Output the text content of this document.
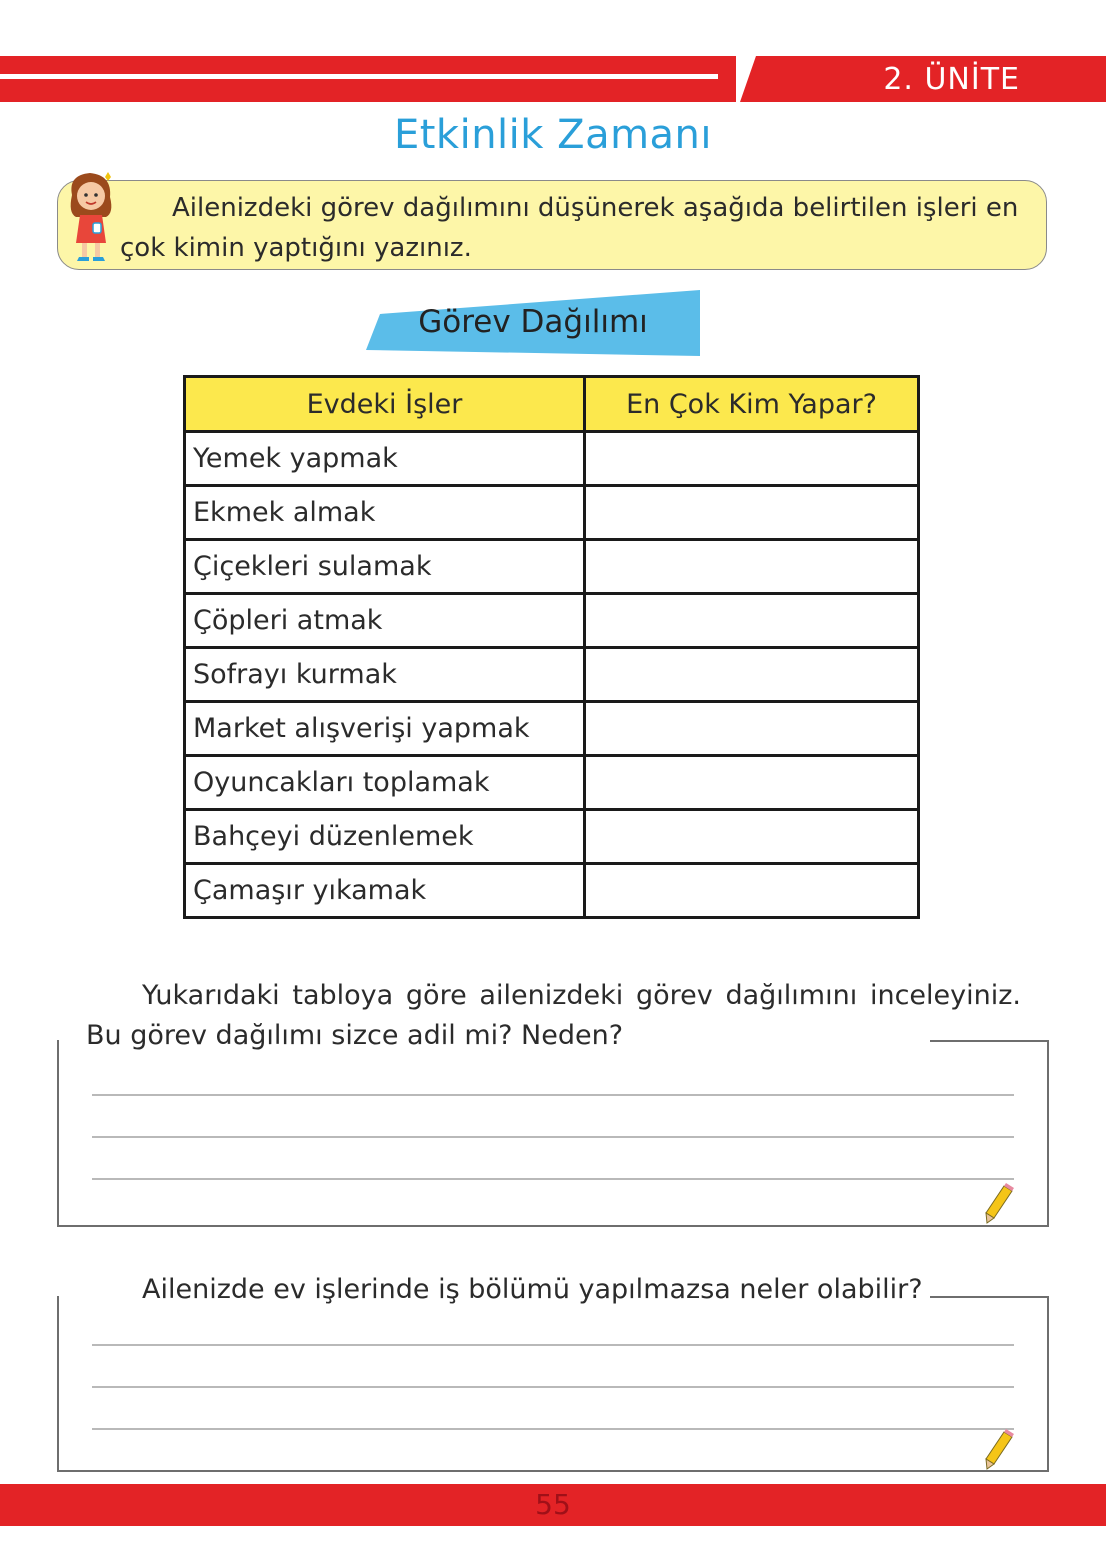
2. ÜNİTE
Etkinlik Zamanı
Ailenizdeki görev dağılımını düşünerek aşağıda belirtilen işleri en çok kimin yaptığını yazınız.
Görev Dağılımı
Evdeki İşler	En Çok Kim Yapar?
Yemek yapmak	
Ekmek almak	
Çiçekleri sulamak	
Çöpleri atmak	
Sofrayı kurmak	
Market alışverişi yapmak	
Oyuncakları toplamak	
Bahçeyi düzenlemek	
Çamaşır yıkamak	
Yukarıdaki tabloya göre ailenizdeki görev dağılımını inceleyiniz. Bu görev dağılımı sizce adil mi? Neden?
Ailenizde ev işlerinde iş bölümü yapılmazsa neler olabilir?
55
